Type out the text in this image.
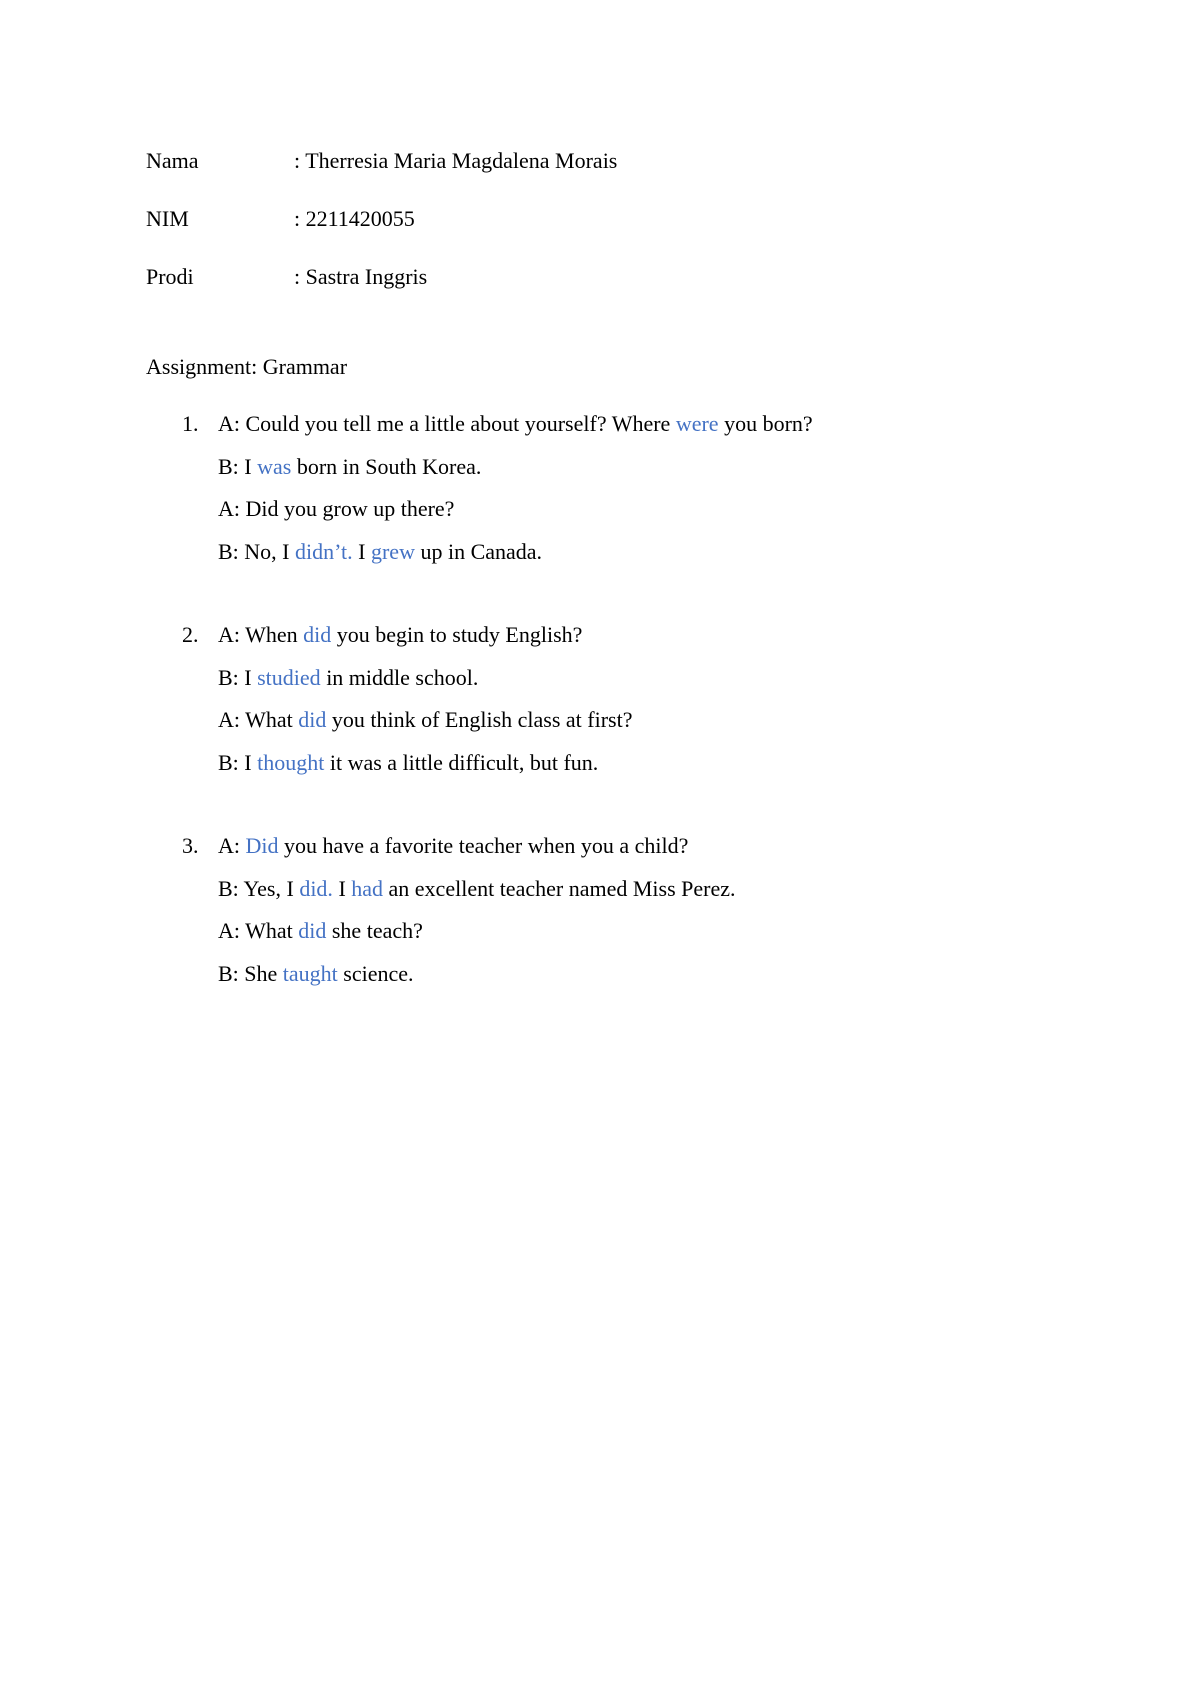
Nama	: Therresia Maria Magdalena Morais
NIM	: 2211420055
Prodi	: Sastra Inggris
Assignment: Grammar
1. A: Could you tell me a little about yourself? Where were you born?
B: I was born in South Korea.
A: Did you grow up there?
B: No, I didn’t. I grew up in Canada.
2. A: When did you begin to study English?
B: I studied in middle school.
A: What did you think of English class at first?
B: I thought it was a little difficult, but fun.
3. A: Did you have a favorite teacher when you a child?
B: Yes, I did. I had an excellent teacher named Miss Perez.
A: What did she teach?
B: She taught science.
